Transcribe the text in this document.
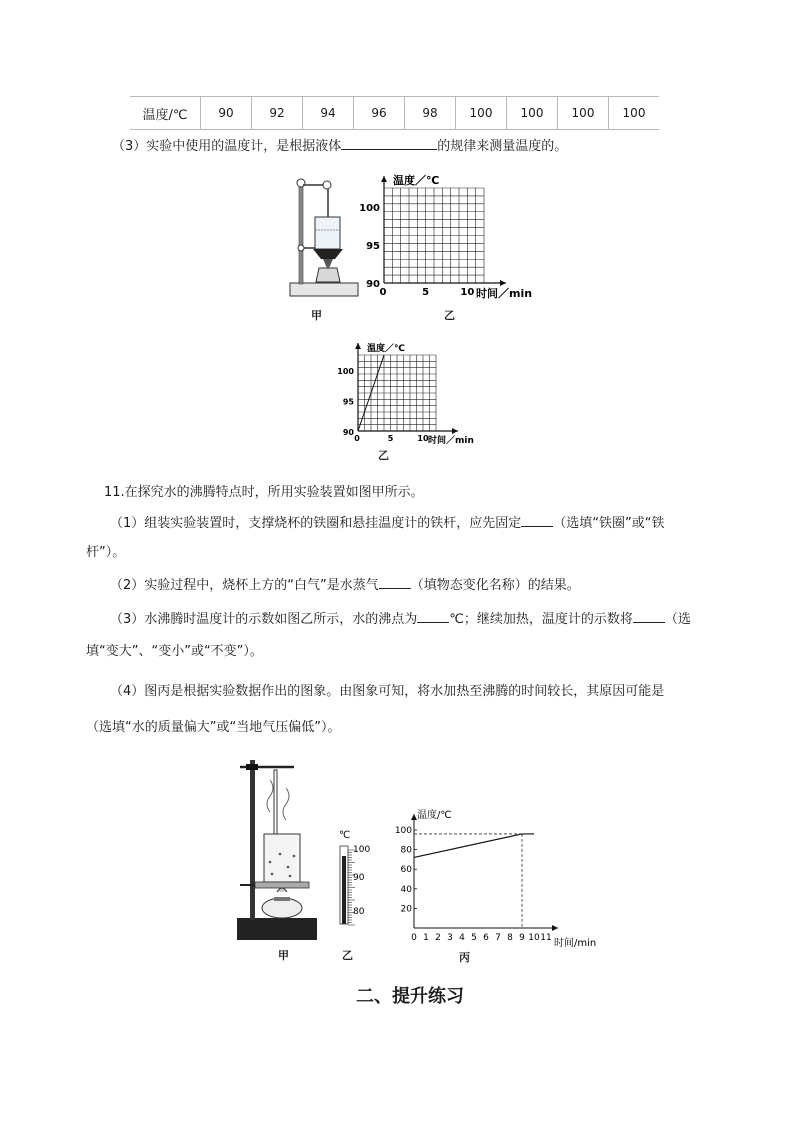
温度/℃	90	92	94	96	98	100	100	100	100
（3）实验中使用的温度计，是根据液体	的规律来测量温度的。
甲
温度／℃
时间／min
100
95
90
0	5	10
乙
温度／℃
时间／min
100
95
90
0	5	10
乙
11.在探究水的沸腾特点时，所用实验装置如图甲所示。
（1）组装实验装置时，支撑烧杯的铁圈和悬挂温度计的铁杆，应先固定 （选填“铁圈”或“铁
杆”）。
（2）实验过程中，烧杯上方的“白气”是水蒸气 （填物态变化名称）的结果。
（3）水沸腾时温度计的示数如图乙所示，水的沸点为 ℃；继续加热，温度计的示数将 （选
填“变大”、“变小”或“不变”）。
（4）图丙是根据实验数据作出的图象。由图象可知，将水加热至沸腾的时间较长，其原因可能是
（选填“水的质量偏大”或“当地气压偏低”）。
甲
℃
100
90
80
乙
温度/℃
时间/min
100
80
60
40
20
0 1 2 3 4 5 6 7 8 9 10 11
丙
二、提升练习
